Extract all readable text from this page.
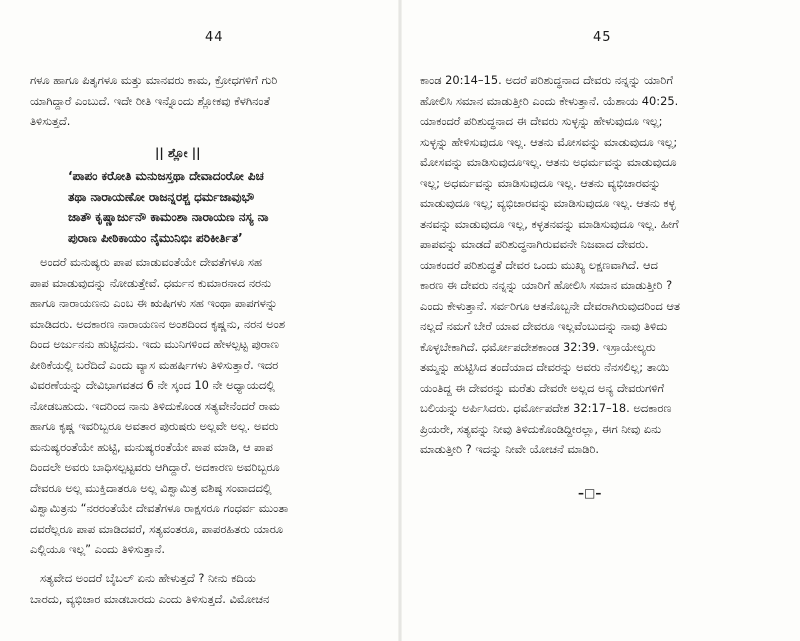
44
ಗಳೂ ಹಾಗೂ ಪಿತೃಗಳೂ ಮತ್ತು ಮಾನವರು ಕಾಮ, ಕ್ರೋಧಗಳಿಗೆ ಗುರಿ
ಯಾಗಿದ್ದಾರೆ ಎಂಬುದೆ. ಇದೇ ರೀತಿ ಇನ್ನೊಂದು ಶ್ಲೋಕವು ಕೆಳಗಿನಂತೆ
ತಿಳಿಸುತ್ತದೆ.
|| ಶ್ಲೋ ||
‘ಪಾಪಂ ಕರೋತಿ ಮನುಜಸ್ತಥಾ ದೇವಾದಂರೋ ಪಿಚ
ತಥಾ ನಾರಾಯಣೋ ರಾಜನ್ನರಶ್ಚ ಧರ್ಮಜಾವುಭೌ
ಜಾತೌ ಕೃಷ್ಣಾರ್ಜುನೌ ಕಾಮಂಶಾ ನಾರಾಯಣ ನಸ್ಯ ನಾ
ಪುರಾಣ ಪೀಠಿಕಾಯಂ ನೈಮುನಿಭಿಃ ಪರಿಕೀರ್ತಿತ’
ಅಂದರೆ ಮನುಷ್ಯರು ಪಾಪ ಮಾಡುವಂತೆಯೇ ದೇವತೆಗಳೂ ಸಹ
ಪಾಪ ಮಾಡುವುದನ್ನು ನೋಡುತ್ತೇವೆ. ಧರ್ಮನ ಕುಮಾರನಾದ ನರನು
ಹಾಗೂ ನಾರಾಯಣನು ಎಂಬ ಈ ಋಷಿಗಳು ಸಹ ಇಂಥಾ ಪಾಪಗಳನ್ನು
ಮಾಡಿದರು. ಅದಕಾರಣ ನಾರಾಯಣನ ಅಂಶದಿಂದ ಕೃಷ್ಣನು, ನರನ ಅಂಶ
ದಿಂದ ಅರ್ಜುನನು ಹುಟ್ಟಿದನು. ಇದು ಮುನಿಗಳಿಂದ ಹೇಳಲ್ಪಟ್ಟ ಪುರಾಣ
ಪೀಠಿಕೆಯಲ್ಲಿ ಬರೆದಿದೆ ಎಂದು ವ್ಯಾಸ ಮಹರ್ಷಿಗಳು ತಿಳಿಸುತ್ತಾರೆ. ಇದರ
ವಿವರಣೆಯನ್ನು ದೇವಿಭಾಗವತದ 6 ನೇ ಸ್ಕಂದ 10 ನೇ ಅಧ್ಯಾಯದಲ್ಲಿ
ನೋಡಬಹುದು. ಇದರಿಂದ ನಾನು ತಿಳಿದುಕೊಂಡ ಸತ್ಯವೇನೆಂದರೆ ರಾಮ
ಹಾಗೂ ಕೃಷ್ಣ ಇವರಿಬ್ಬರೂ ಅವತಾರ ಪುರುಷರು ಅಲ್ಲವೇ ಅಲ್ಲ. ಅವರು
ಮನುಷ್ಯರಂತೆಯೇ ಹುಟ್ಟಿ, ಮನುಷ್ಯರಂತೆಯೇ ಪಾಪ ಮಾಡಿ, ಆ ಪಾಪ
ದಿಂದಲೇ ಅವರು ಬಾಧಿಸಲ್ಪಟ್ಟವರು ಆಗಿದ್ದಾರೆ. ಅದಕಾರಣ ಅವರಿಬ್ಬರೂ
ದೇವರೂ ಅಲ್ಲ ಮುಕ್ತಿದಾತರೂ ಅಲ್ಲ ವಿಶ್ವಾಮಿತ್ರ ವಶಿಷ್ಠ ಸಂವಾದದಲ್ಲಿ
ವಿಶ್ವಾಮಿತ್ರನು “ನರರಂತೆಯೇ ದೇವತೆಗಳೂ ರಾಕ್ಷಸರೂ ಗಂಧರ್ವ ಮುಂತಾ
ದವರೆಲ್ಲರೂ ಪಾಪ ಮಾಡಿದವರೆ, ಸತ್ಯವಂತರೂ, ಪಾಪರಹಿತರು ಯಾರೂ
ಎಲ್ಲಿಯೂ ಇಲ್ಲ” ಎಂದು ತಿಳಿಸುತ್ತಾನೆ.
ಸತ್ಯವೇದ ಅಂದರೆ ಬೈಬಲ್ ಏನು ಹೇಳುತ್ತದೆ ? ನೀನು ಕದಿಯ
ಬಾರದು, ವ್ಯಭಿಚಾರ ಮಾಡಬಾರದು ಎಂದು ತಿಳಿಸುತ್ತದೆ. ವಿಮೋಚನ
45
ಕಾಂಡ 20:14–15. ಅದರೆ ಪರಿಶುದ್ಧನಾದ ದೇವರು ನನ್ನನ್ನು ಯಾರಿಗೆ
ಹೋಲಿಸಿ ಸಮಾನ ಮಾಡುತ್ತೀರಿ ಎಂದು ಕೇಳುತ್ತಾನೆ. ಯೆಶಾಯ 40:25.
ಯಾಕಂದರೆ ಪರಿಶುದ್ಧನಾದ ಈ ದೇವರು ಸುಳ್ಳನ್ನು ಹೇಳುವುದೂ ಇಲ್ಲ;
ಸುಳ್ಳನ್ನು ಹೇಳಿಸುವುದೂ ಇಲ್ಲ. ಆತನು ಮೋಸವನ್ನು ಮಾಡುವುದೂ ಇಲ್ಲ;
ಮೋಸವನ್ನು ಮಾಡಿಸುವುದೂಇಲ್ಲ. ಆತನು ಅಧರ್ಮವನ್ನು ಮಾಡುವುದೂ
ಇಲ್ಲ; ಅಧರ್ಮವನ್ನು ಮಾಡಿಸುವುದೂ ಇಲ್ಲ. ಆತನು ವ್ಯಭಿಚಾರವನ್ನು
ಮಾಡುವುದೂ ಇಲ್ಲ; ವ್ಯಭಿಚಾರವನ್ನು ಮಾಡಿಸುವುದೂ ಇಲ್ಲ. ಆತನು ಕಳ್ಳ
ತನವನ್ನು ಮಾಡುವುದೂ ಇಲ್ಲ, ಕಳ್ಳತನವನ್ನು ಮಾಡಿಸುವುದೂ ಇಲ್ಲ. ಹೀಗೆ
ಪಾಪವನ್ನು ಮಾಡದೆ ಪರಿಶುದ್ಧನಾಗಿರುವವನೇ ನಿಜವಾದ ದೇವರು.
ಯಾಕಂದರೆ ಪರಿಶುದ್ಧತೆ ದೇವರ ಒಂದು ಮುಖ್ಯ ಲಕ್ಷಣವಾಗಿದೆ. ಆದ
ಕಾರಣ ಈ ದೇವರು ನನ್ನನ್ನು ಯಾರಿಗೆ ಹೋಲಿಸಿ ಸಮಾನ ಮಾಡುತ್ತೀರಿ ?
ಎಂದು ಕೇಳುತ್ತಾನೆ. ಸರ್ವರಿಗೂ ಆತನೊಬ್ಬನೇ ದೇವರಾಗಿರುವುದರಿಂದ ಆತ
ನಲ್ಲದೆ ನಮಗೆ ಬೇರೆ ಯಾವ ದೇವರೂ ಇಲ್ಲವೆಂಬುದನ್ನು ನಾವು ತಿಳಿದು
ಕೊಳ್ಳಬೇಕಾಗಿದೆ. ಧರ್ಮೋಪದೇಶಕಾಂಡ 32:39. ಇಸ್ರಾಯೇಲ್ಯರು
ತಮ್ಮನ್ನು ಹುಟ್ಟಿಸಿದ ತಂದೆಯಾದ ದೇವರನ್ನು ಅವರು ನೆನಸಲಿಲ್ಲ; ತಾಯಿ
ಯಂತಿದ್ದ ಈ ದೇವರನ್ನು ಮರೆತು ದೇವರೇ ಅಲ್ಲದ ಅನ್ಯ ದೇವರುಗಳಿಗೆ
ಬಲಿಯನ್ನು ಅರ್ಪಿಸಿದರು. ಧರ್ಮೋಪದೇಶ 32:17–18. ಅದಕಾರಣ
ಪ್ರಿಯರೇ, ಸತ್ಯವನ್ನು ನೀವು ತಿಳಿದುಕೊಂಡಿದ್ದೀರಲ್ಲಾ, ಈಗ ನೀವು ಏನು
ಮಾಡುತ್ತೀರಿ ? ಇದನ್ನು ನೀವೇ ಯೋಚನೆ ಮಾಡಿರಿ.
–□–
